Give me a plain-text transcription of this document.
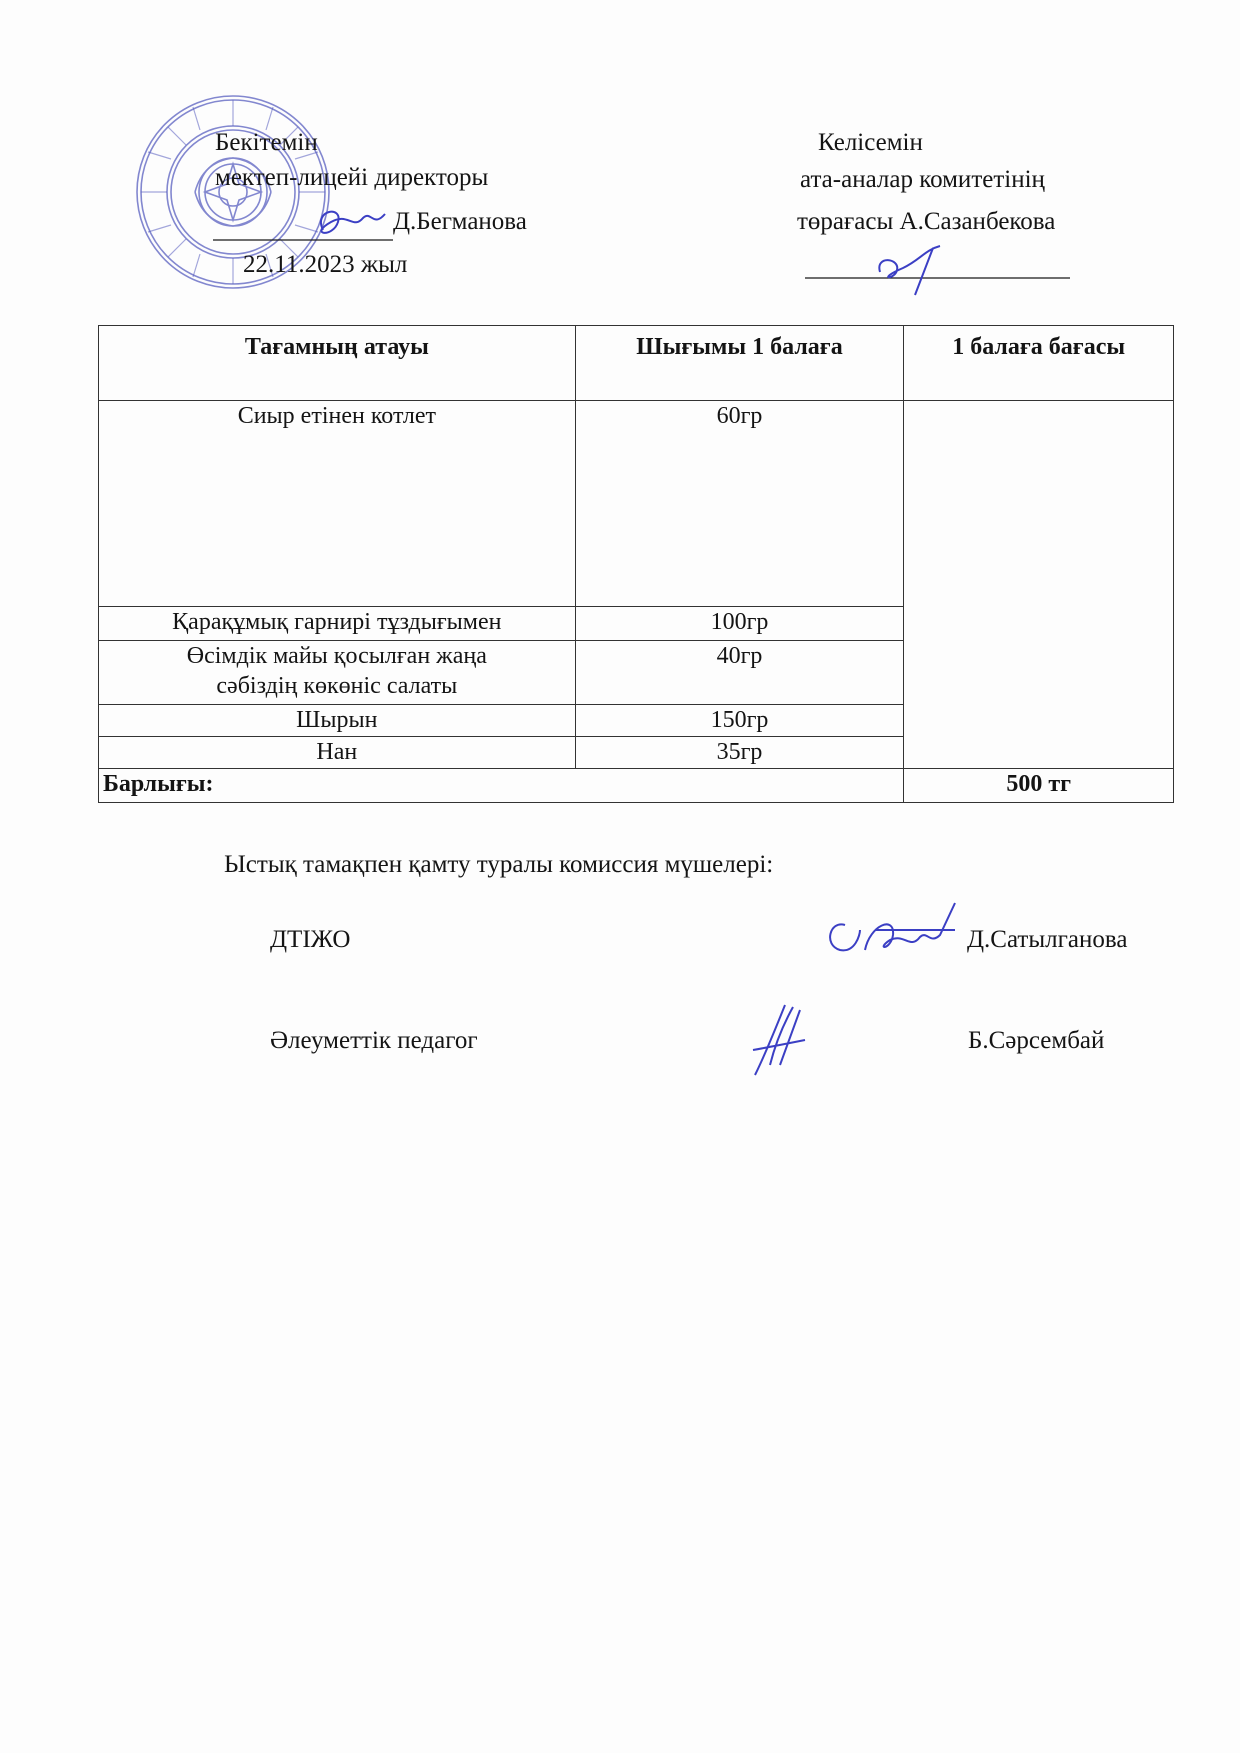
Бекітемін
мектеп-лицейі директоры
Д.Бегманова
22.11.2023 жыл
Келісемін
ата-аналар комитетінің
төрағасы А.Сазанбекова
Тағамның атауы	Шығымы 1 балаға	1 балаға бағасы
Сиыр етінен котлет	60гр	
Қарақұмық гарнирі тұздығымен	100гр	
Өсімдік майы қосылған жаңа сәбіздің көкөніс салаты	40гр	
Шырын	150гр	
Нан	35гр	
Барлығы:		500 тг
Ыстық тамақпен қамту туралы комиссия мүшелері:
ДТІЖО	Д.Сатылганова
Әлеуметтік педагог	Б.Сәрсембай
